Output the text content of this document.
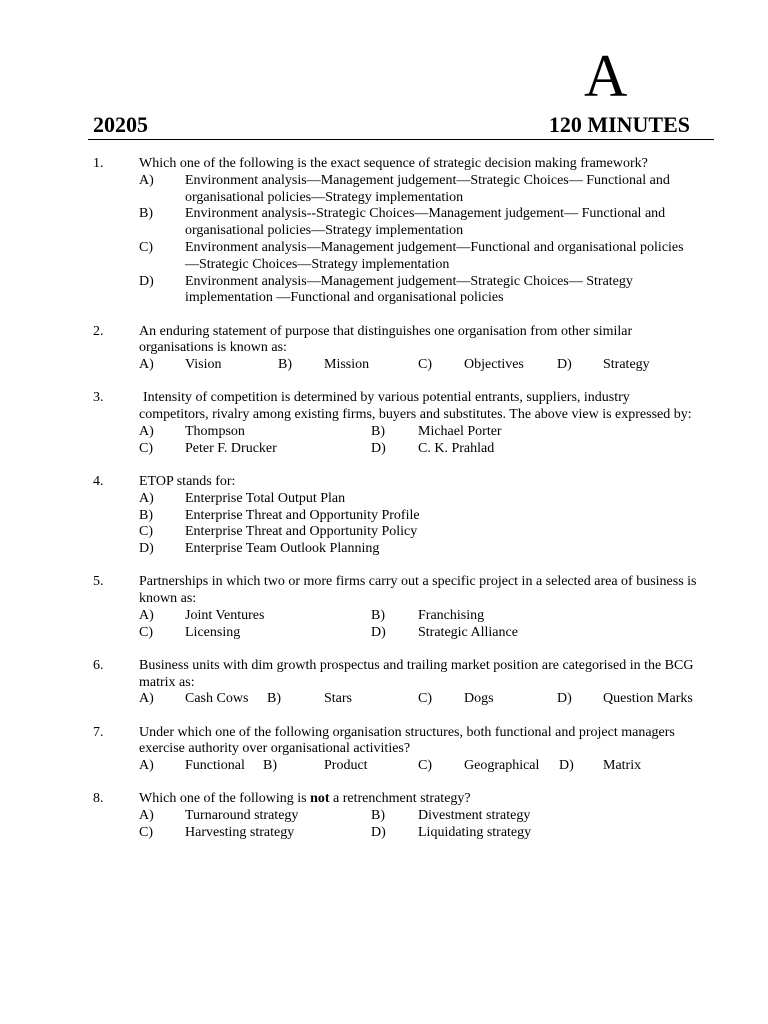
A
20205	120 MINUTES
1.	Which one of the following is the exact sequence of strategic decision making framework?
A) Environment analysis—Management judgement—Strategic Choices— Functional and organisational policies—Strategy implementation
B) Environment analysis--Strategic Choices—Management judgement— Functional and organisational policies—Strategy implementation
C) Environment analysis—Management judgement—Functional and organisational policies —Strategic Choices—Strategy implementation
D) Environment analysis—Management judgement—Strategic Choices— Strategy implementation —Functional and organisational policies
2.	An enduring statement of purpose that distinguishes one organisation from other similar organisations is known as:
A) Vision	B) Mission	C) Objectives D) Strategy
3.	Intensity of competition is determined by various potential entrants, suppliers, industry competitors, rivalry among existing firms, buyers and substitutes. The above view is expressed by:
A) Thompson	B) Michael Porter
C) Peter F. Drucker	D) C. K. Prahlad
4.	ETOP stands for:
A) Enterprise Total Output Plan
B) Enterprise Threat and Opportunity Profile
C) Enterprise Threat and Opportunity Policy
D) Enterprise Team Outlook Planning
5.	Partnerships in which two or more firms carry out a specific project in a selected area of business is known as:
A) Joint Ventures	B) Franchising
C) Licensing	D) Strategic Alliance
6.	Business units with dim growth prospectus and trailing market position are categorised in the BCG matrix as:
A) Cash Cows B)	Stars	C) Dogs	D) Question Marks
7.	Under which one of the following organisation structures, both functional and project managers exercise authority over organisational activities?
A) Functional B)	Product	C) Geographical D) Matrix
8.	Which one of the following is not a retrenchment strategy?
A) Turnaround strategy	B) Divestment strategy
C) Harvesting strategy	D) Liquidating strategy
